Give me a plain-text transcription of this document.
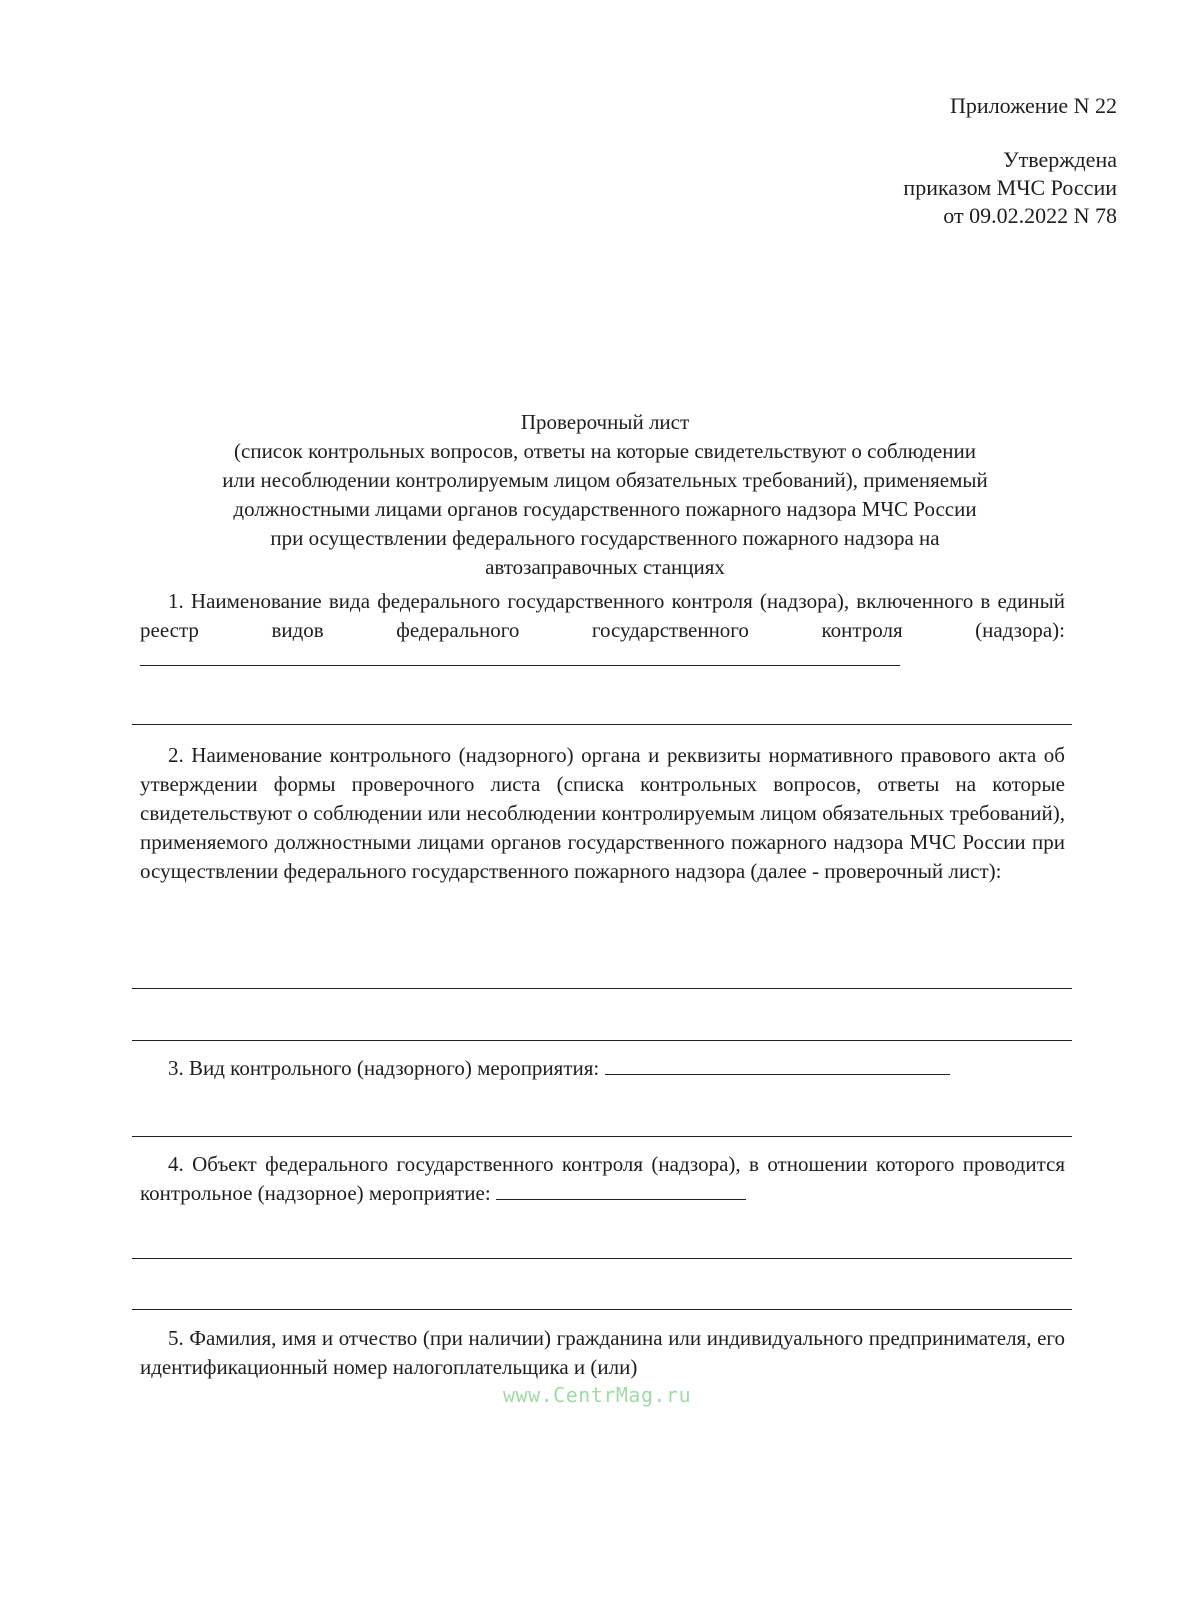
Приложение N 22
Утверждена
приказом МЧС России
от 09.02.2022 N 78
Проверочный лист
(список контрольных вопросов, ответы на которые свидетельствуют о соблюдении
или несоблюдении контролируемым лицом обязательных требований), применяемый
должностными лицами органов государственного пожарного надзора МЧС России
при осуществлении федерального государственного пожарного надзора на
автозаправочных станциях
1. Наименование вида федерального государственного контроля (надзора), включенного в единый реестр видов федерального государственного контроля (надзора):
2. Наименование контрольного (надзорного) органа и реквизиты нормативного правового акта об утверждении формы проверочного листа (списка контрольных вопросов, ответы на которые свидетельствуют о соблюдении или несоблюдении контролируемым лицом обязательных требований), применяемого должностными лицами органов государственного пожарного надзора МЧС России при осуществлении федерального государственного пожарного надзора (далее - проверочный лист):
3. Вид контрольного (надзорного) мероприятия:
4. Объект федерального государственного контроля (надзора), в отношении которого проводится контрольное (надзорное) мероприятие:
5. Фамилия, имя и отчество (при наличии) гражданина или индивидуального предпринимателя, его идентификационный номер налогоплательщика и (или)
www.CentrMag.ru
